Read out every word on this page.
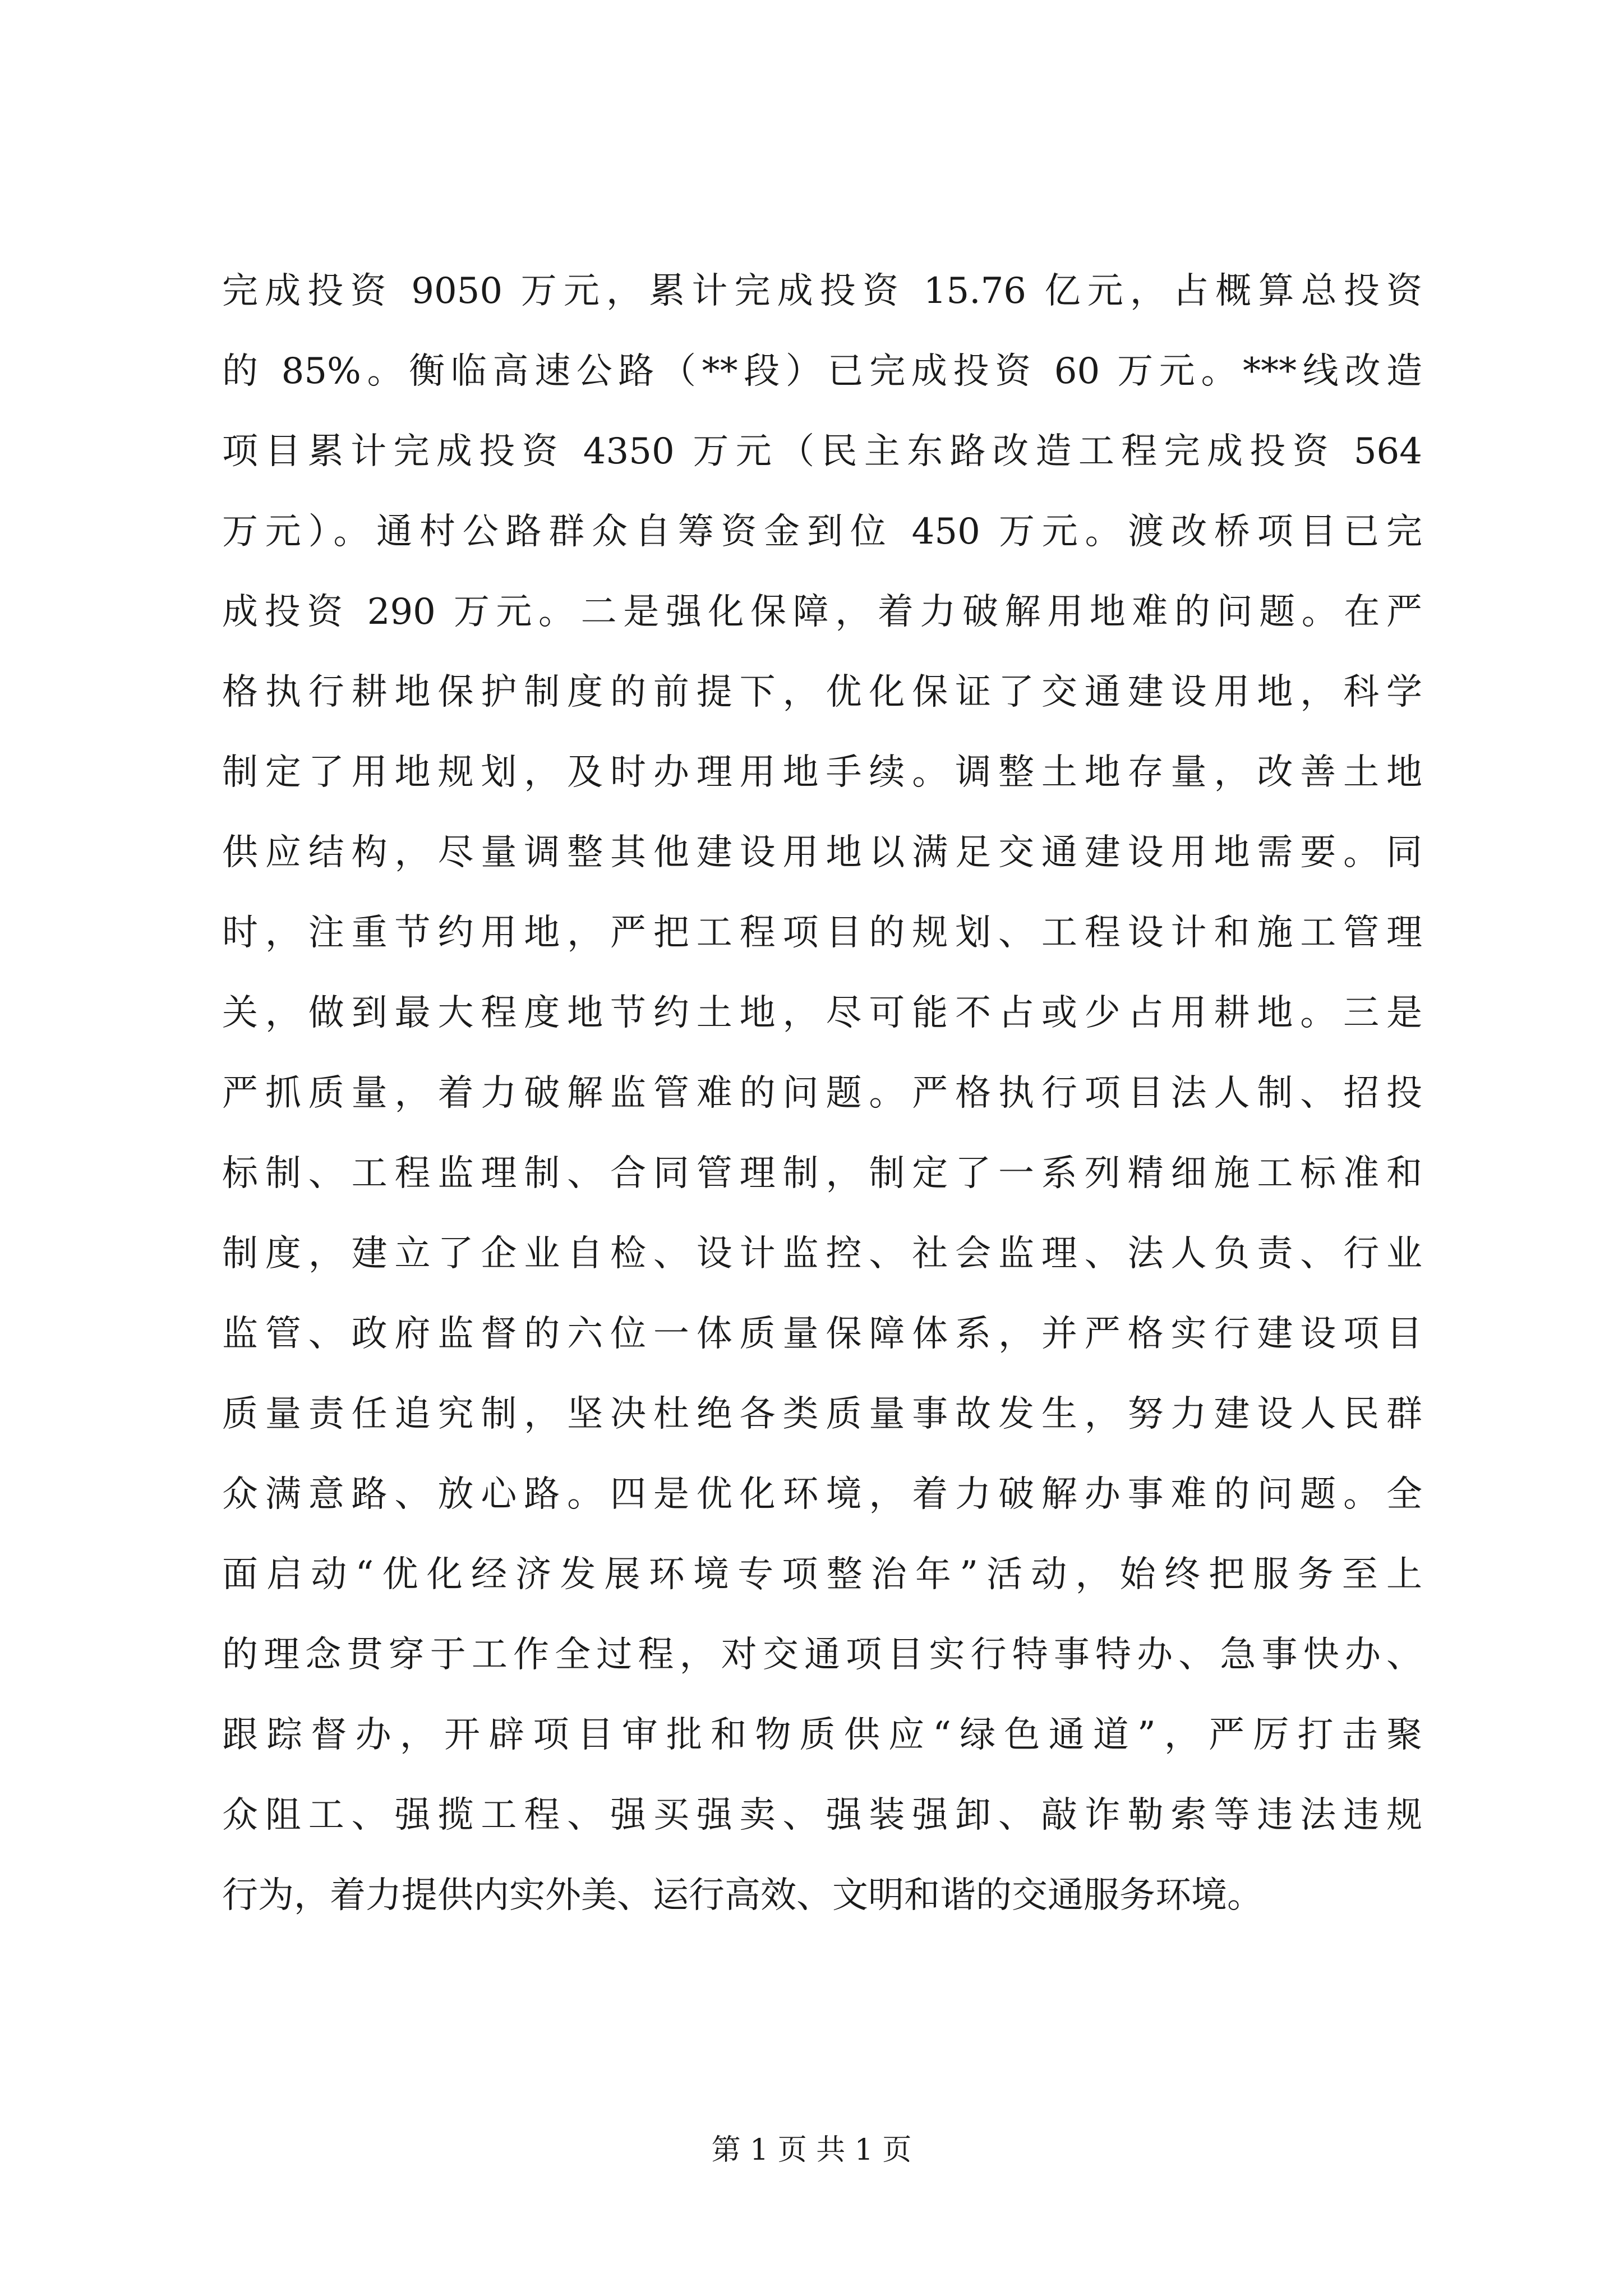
完成投资 9050 万元，累计完成投资 15.76 亿元，占概算总投资
的 85%。衡临高速公路（**段）已完成投资 60 万元。***线改造
项目累计完成投资 4350 万元（民主东路改造工程完成投资 564
万元）。通村公路群众自筹资金到位 450 万元。渡改桥项目已完
成投资 290 万元。二是强化保障，着力破解用地难的问题。在严
格执行耕地保护制度的前提下，优化保证了交通建设用地，科学
制定了用地规划，及时办理用地手续。调整土地存量，改善土地
供应结构，尽量调整其他建设用地以满足交通建设用地需要。同
时，注重节约用地，严把工程项目的规划、工程设计和施工管理
关，做到最大程度地节约土地，尽可能不占或少占用耕地。三是
严抓质量，着力破解监管难的问题。严格执行项目法人制、招投
标制、工程监理制、合同管理制，制定了一系列精细施工标准和
制度，建立了企业自检、设计监控、社会监理、法人负责、行业
监管、政府监督的六位一体质量保障体系，并严格实行建设项目
质量责任追究制，坚决杜绝各类质量事故发生，努力建设人民群
众满意路、放心路。四是优化环境，着力破解办事难的问题。全
面启动“优化经济发展环境专项整治年”活动，始终把服务至上
的理念贯穿于工作全过程，对交通项目实行特事特办、急事快办、
跟踪督办，开辟项目审批和物质供应“绿色通道”，严厉打击聚
众阻工、强揽工程、强买强卖、强装强卸、敲诈勒索等违法违规
行为，着力提供内实外美、运行高效、文明和谐的交通服务环境。
第 1 页 共 1 页
